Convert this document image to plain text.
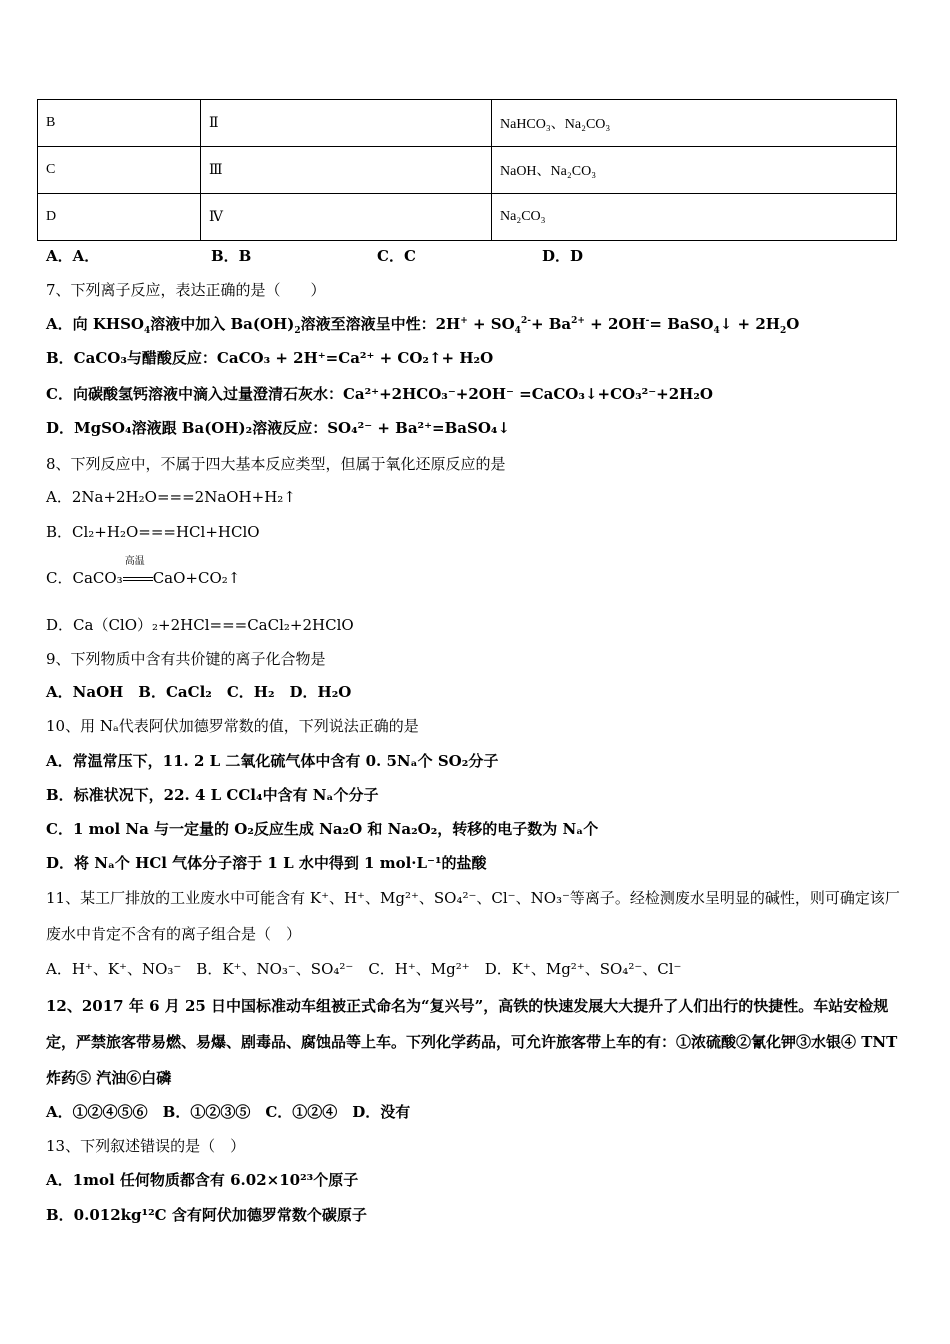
B	Ⅱ	NaHCO₃、Na₂CO₃
C	Ⅲ	NaOH、Na₂CO₃
D	Ⅳ	Na₂CO₃
A．A．	B．B	C．C	D．D
7、下列离子反应，表达正确的是（　　）
A．向 $KHSO_4$溶液中加入 $Ba(OH)_2$溶液至溶液呈中性：$2H^+ + SO_4^{2-}+ Ba^{2+} + 2OH^-=$ BaSO$_4$↓ + $2H_2O$
B．CaCO₃与醋酸反应：CaCO₃ + 2H⁺=Ca²⁺ + CO₂↑+ H₂O
C．向碳酸氢钙溶液中滴入过量澄清石灰水：Ca²⁺+2HCO₃⁻+2OH⁻ =CaCO₃↓+CO₃²⁻+2H₂O
D．MgSO₄溶液跟 Ba(OH)₂溶液反应：SO₄²⁻ + Ba²⁺=BaSO₄↓
8、下列反应中，不属于四大基本反应类型，但属于氧化还原反应的是
A．2Na+2H₂O===2NaOH+H₂↑
B．Cl₂+H₂O===HCl+HClO
C．CaCO₃
高温
CaO+CO₂↑
D．Ca（ClO）₂+2HCl===CaCl₂+2HClO
9、下列物质中含有共价键的离子化合物是
A．NaOH　B．CaCl₂　C．H₂　D．H₂O
10、用 Nₐ代表阿伏加德罗常数的值，下列说法正确的是
A．常温常压下，11. 2 L 二氧化硫气体中含有 0. 5Nₐ个 SO₂分子
B．标准状况下，22. 4 L CCl₄中含有 Nₐ个分子
C．1 mol Na 与一定量的 O₂反应生成 Na₂O 和 Na₂O₂，转移的电子数为 Nₐ个
D．将 Nₐ个 HCl 气体分子溶于 1 L 水中得到 1 mol·L⁻¹的盐酸
11、某工厂排放的工业废水中可能含有 K⁺、H⁺、Mg²⁺、SO₄²⁻、Cl⁻、NO₃⁻等离子。经检测废水呈明显的碱性，则可确定该厂废水中肯定不含有的离子组合是（　）
A．H⁺、K⁺、NO₃⁻　B．K⁺、NO₃⁻、SO₄²⁻　C．H⁺、Mg²⁺　D．K⁺、Mg²⁺、SO₄²⁻、Cl⁻
12、2017 年 6 月 25 日中国标准动车组被正式命名为“复兴号”，高铁的快速发展大大提升了人们出行的快捷性。车站安检规定，严禁旅客带易燃、易爆、剧毒品、腐蚀品等上车。下列化学药品，可允许旅客带上车的有：①浓硫酸②氰化钾③水银④ TNT 炸药⑤ 汽油⑥白磷
A．①②④⑤⑥　B．①②③⑤　C．①②④　D．没有
13、下列叙述错误的是（　）
A．1mol 任何物质都含有 6.02×10²³个原子
B．0.012kg¹²C 含有阿伏加德罗常数个碳原子
